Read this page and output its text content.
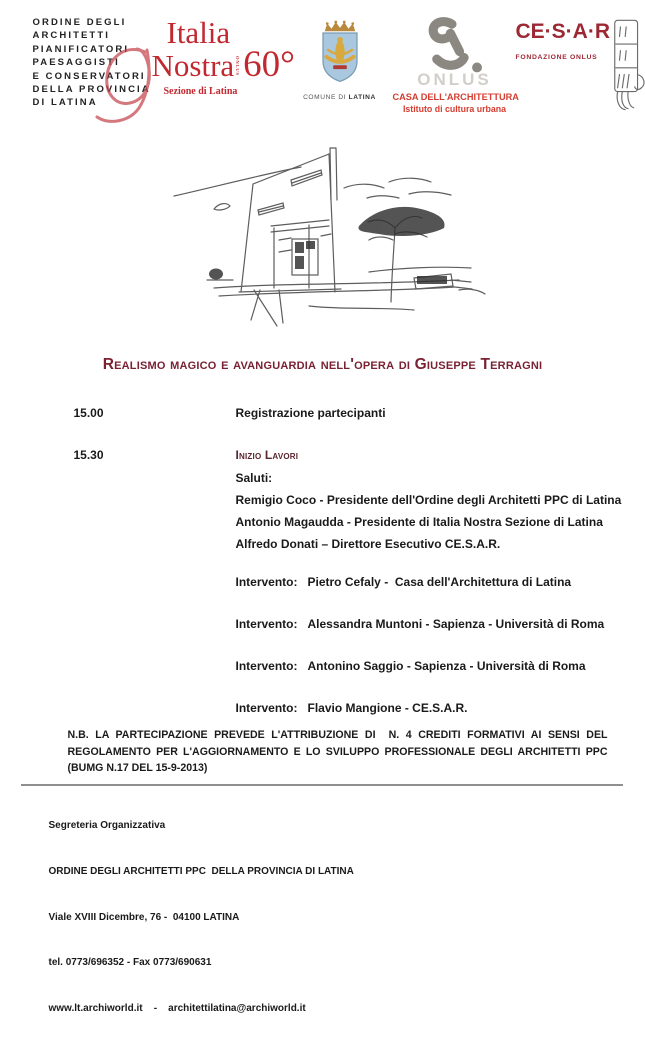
ORDINE DEGLI
ARCHITETTI
PIANIFICATORI
PAESAGGISTI
E CONSERVATORI
DELLA PROVINCIA
DI LATINA
Italia
Nostra ONLUS 60°
Sezione di Latina
COMUNE DI LATINA
ONLUS
CASA DELL'ARCHITETTURA
Istituto di cultura urbana
CE·S·A·R
FONDAZIONE ONLUS
Realismo magico e avanguardia nell'opera di Giuseppe Terragni
15.00	Registrazione partecipanti
15.30	Inizio Lavori
Saluti:
Remigio Coco - Presidente dell'Ordine degli Architetti PPC di Latina
Antonio Magaudda - Presidente di Italia Nostra Sezione di Latina
Alfredo Donati – Direttore Esecutivo CE.S.A.R.
Intervento: Pietro Cefaly -  Casa dell'Architettura di Latina
Intervento: Alessandra Muntoni - Sapienza - Università di Roma
Intervento: Antonino Saggio - Sapienza - Università di Roma
Intervento: Flavio Mangione - CE.S.A.R.
N.B. LA PARTECIPAZIONE PREVEDE L'ATTRIBUZIONE DI  N. 4 CREDITI FORMATIVI AI SENSI DEL REGOLAMENTO PER L'AGGIORNAMENTO E LO SVILUPPO PROFESSIONALE DEGLI ARCHITETTI PPC (BUMG N.17 DEL 15-9-2013)

Segreteria Organizzativa

ORDINE DEGLI ARCHITETTI PPC  DELLA PROVINCIA DI LATINA

Viale XVIII Dicembre, 76 -  04100 LATINA

tel. 0773/696352 - Fax 0773/690631

www.lt.archiworld.it    -    architettilatina@archiworld.it
